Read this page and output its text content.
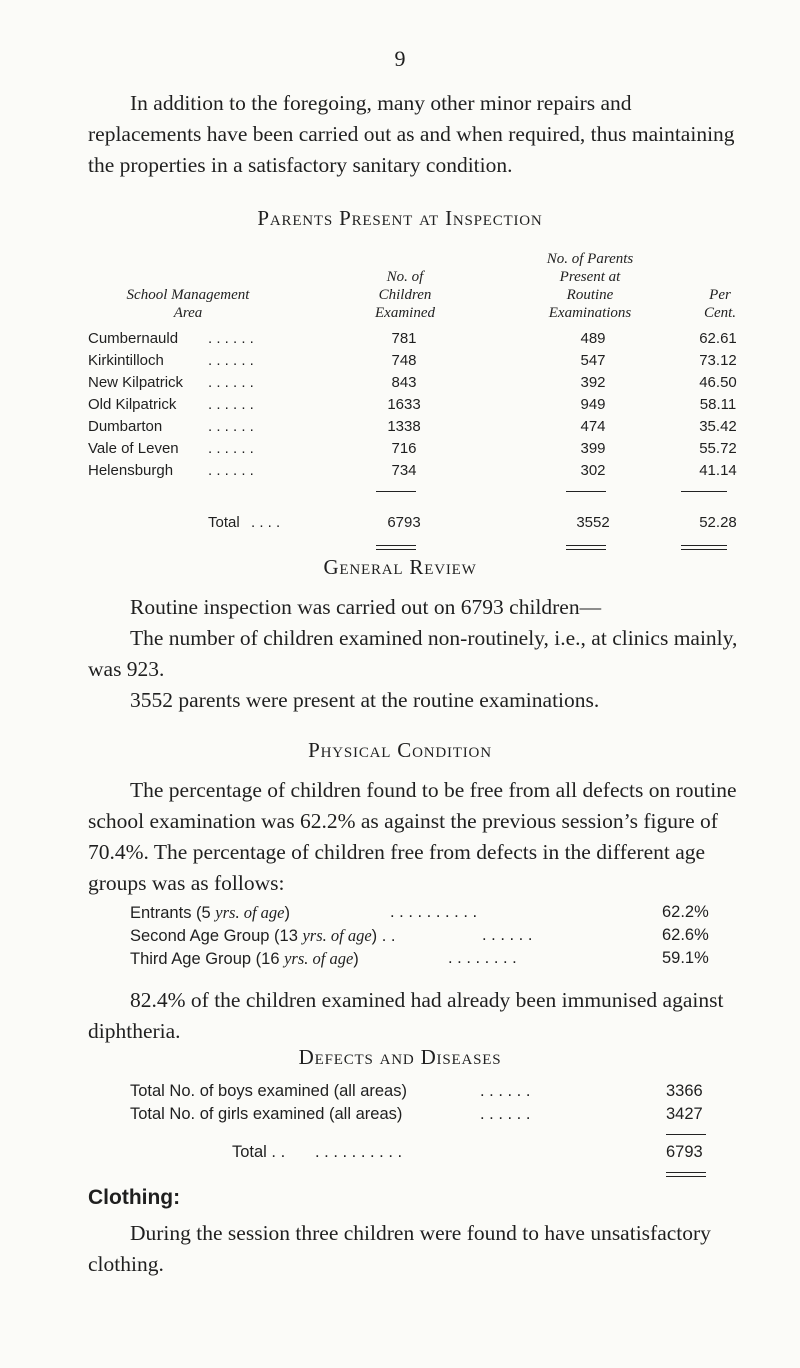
9

In addition to the foregoing, many other minor repairs and replacements have been carried out as and when required, thus maintaining the properties in a satisfactory sanitary condition.

Parents Present at Inspection
School Management
Area
No. of
Children
Examined
No. of Parents
Present at
Routine
Examinations
Per
Cent.
Cumbernauld . . . . . .	781	489	62.61
Kirkintilloch	. . . . . .	748	547	73.12
New Kilpatrick . . . . . .	843	392	46.50
Old Kilpatrick . . . . . .	1633	949	58.11
Dumbarton	. . . . . .	1338	474	35.42
Vale of Leven . . . . . .	716	399	55.72
Helensburgh . . . . . .	734	302	41.14
Total . . . .	6793	3552	52.28
General Review

Routine inspection was carried out on 6793 children—

The number of children examined non-routinely, i.e., at clinics mainly, was 923.

3552 parents were present at the routine examinations.

Physical Condition

The percentage of children found to be free from all defects on routine school examination was 62.2% as against the previous session’s figure of 70.4%. The percentage of children free from defects in the different age groups was as follows:

Entrants (5 yrs. of age)	. . . . . . . . . .	62.2%
Second Age Group (13 yrs. of age) . .	. . . . . .	62.6%
Third Age Group (16 yrs. of age)	. . . . . . . .	59.1%

82.4% of the children examined had already been immunised against diphtheria.

Defects and Diseases
Total No. of boys examined (all areas)	. . . . . .	3366
Total No. of girls examined (all areas)	. . . . . .	3427
Total . . . . . . . . . . . .	6793
Clothing:

During the session three children were found to have unsatisfactory clothing.
